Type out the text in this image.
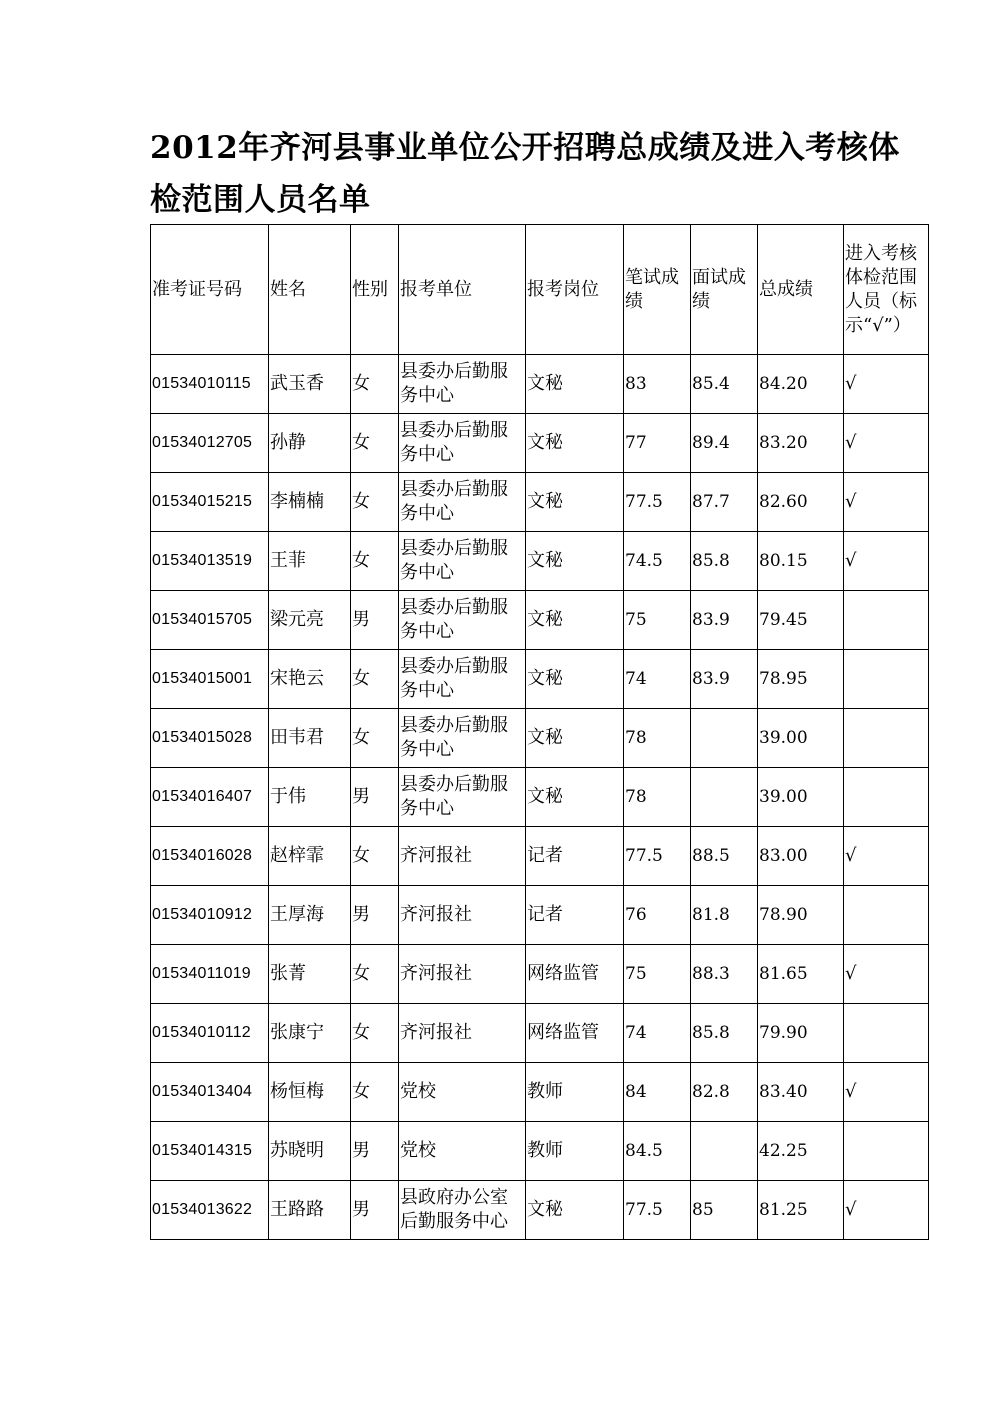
2012年齐河县事业单位公开招聘总成绩及进入考核体检范围人员名单
准考证号码	姓名	性别	报考单位	报考岗位	笔试成绩	面试成绩	总成绩	进入考核体检范围人员（标示“√”）
01534010115	武玉香	女	县委办后勤服务中心	文秘	83	85.4	84.20	√
01534012705	孙静	女	县委办后勤服务中心	文秘	77	89.4	83.20	√
01534015215	李楠楠	女	县委办后勤服务中心	文秘	77.5	87.7	82.60	√
01534013519	王菲	女	县委办后勤服务中心	文秘	74.5	85.8	80.15	√
01534015705	梁元亮	男	县委办后勤服务中心	文秘	75	83.9	79.45	
01534015001	宋艳云	女	县委办后勤服务中心	文秘	74	83.9	78.95	
01534015028	田韦君	女	县委办后勤服务中心	文秘	78		39.00	
01534016407	于伟	男	县委办后勤服务中心	文秘	78		39.00	
01534016028	赵梓霏	女	齐河报社	记者	77.5	88.5	83.00	√
01534010912	王厚海	男	齐河报社	记者	76	81.8	78.90	
01534011019	张菁	女	齐河报社	网络监管	75	88.3	81.65	√
01534010112	张康宁	女	齐河报社	网络监管	74	85.8	79.90	
01534013404	杨恒梅	女	党校	教师	84	82.8	83.40	√
01534014315	苏晓明	男	党校	教师	84.5		42.25	
01534013622	王路路	男	县政府办公室后勤服务中心	文秘	77.5	85	81.25	√
